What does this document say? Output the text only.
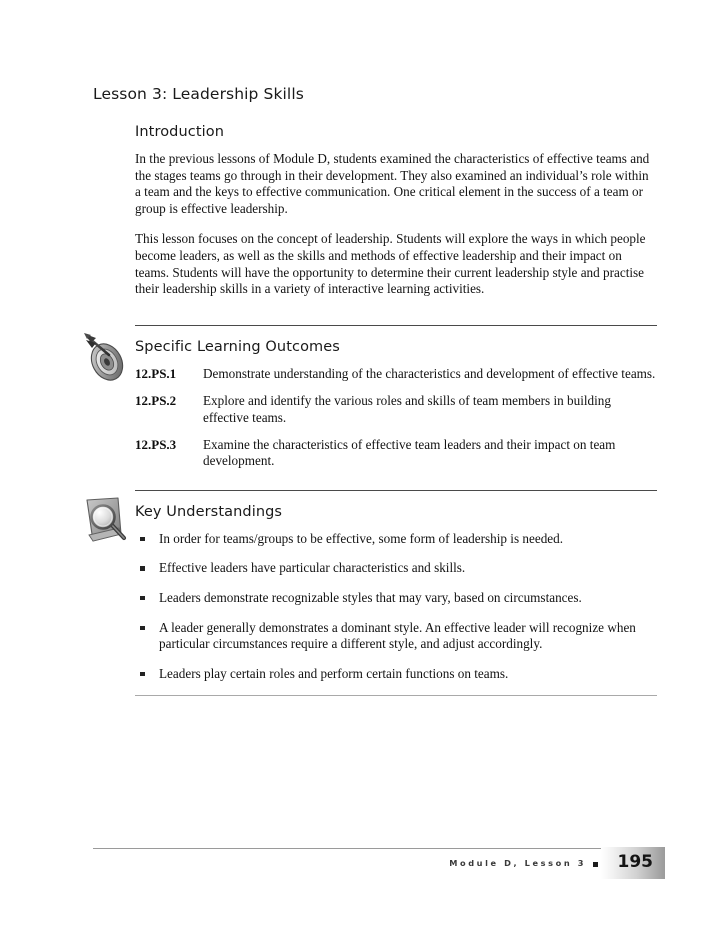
Lesson 3: Leadership Skills
Introduction

In the previous lessons of Module D, students examined the characteristics of effective teams and the stages teams go through in their development. They also examined an individual’s role within a team and the keys to effective communication. One critical element in the success of a team or group is effective leadership.

This lesson focuses on the concept of leadership. Students will explore the ways in which people become leaders, as well as the skills and methods of effective leadership and their impact on teams. Students will have the opportunity to determine their current leadership style and practise their leadership skills in a variety of interactive learning activities.

Specific Learning Outcomes
12.PS.1	Demonstrate understanding of the characteristics and development of effective teams.
12.PS.2	Explore and identify the various roles and skills of team members in building effective teams.
12.PS.3	Examine the characteristics of effective team leaders and their impact on team development.
Key Understandings
In order for teams/groups to be effective, some form of leadership is needed.
Effective leaders have particular characteristics and skills.
Leaders demonstrate recognizable styles that may vary, based on circumstances.
A leader generally demonstrates a dominant style. An effective leader will recognize when particular circumstances require a different style, and adjust accordingly.
Leaders play certain roles and perform certain functions on teams.
Module D, Lesson 3 195
